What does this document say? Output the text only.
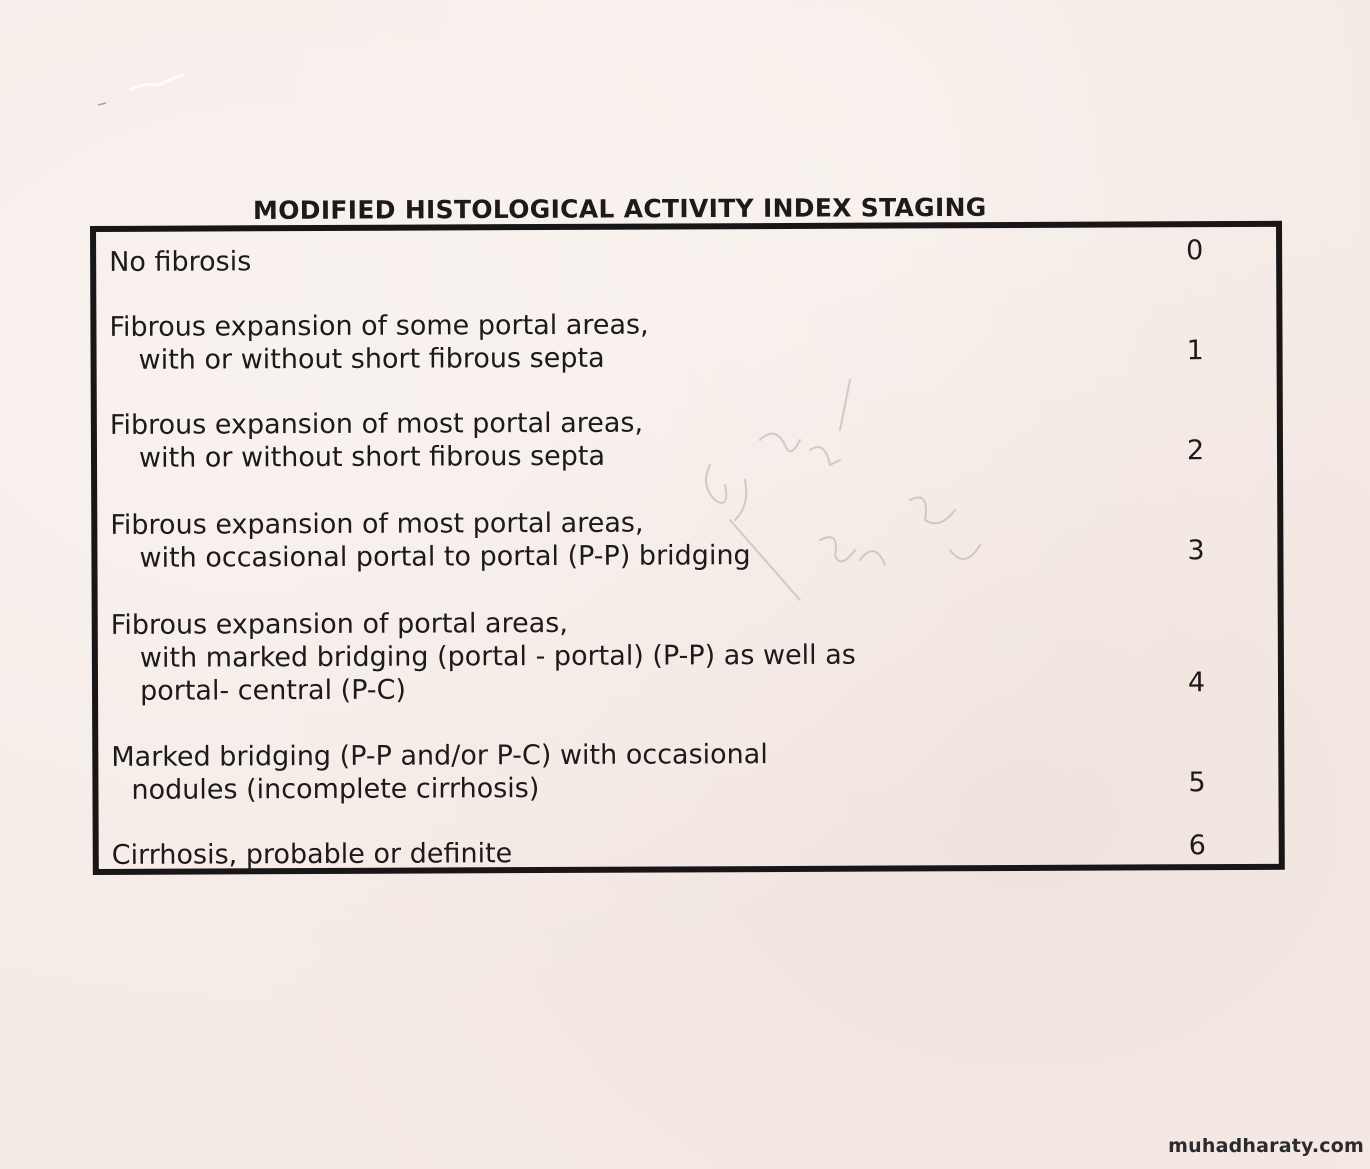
MODIFIED HISTOLOGICAL ACTIVITY INDEX STAGING
No fibrosis	0
Fibrous expansion of some portal areas,
with or without short fibrous septa	1
Fibrous expansion of most portal areas,
with or without short fibrous septa	2
Fibrous expansion of most portal areas,
with occasional portal to portal (P-P) bridging	3
Fibrous expansion of portal areas,
with marked bridging (portal - portal) (P-P) as well as
portal- central (P-C)	4
Marked bridging (P-P and/or P-C) with occasional
nodules (incomplete cirrhosis)	5
Cirrhosis, probable or definite	6
muhadharaty.com
